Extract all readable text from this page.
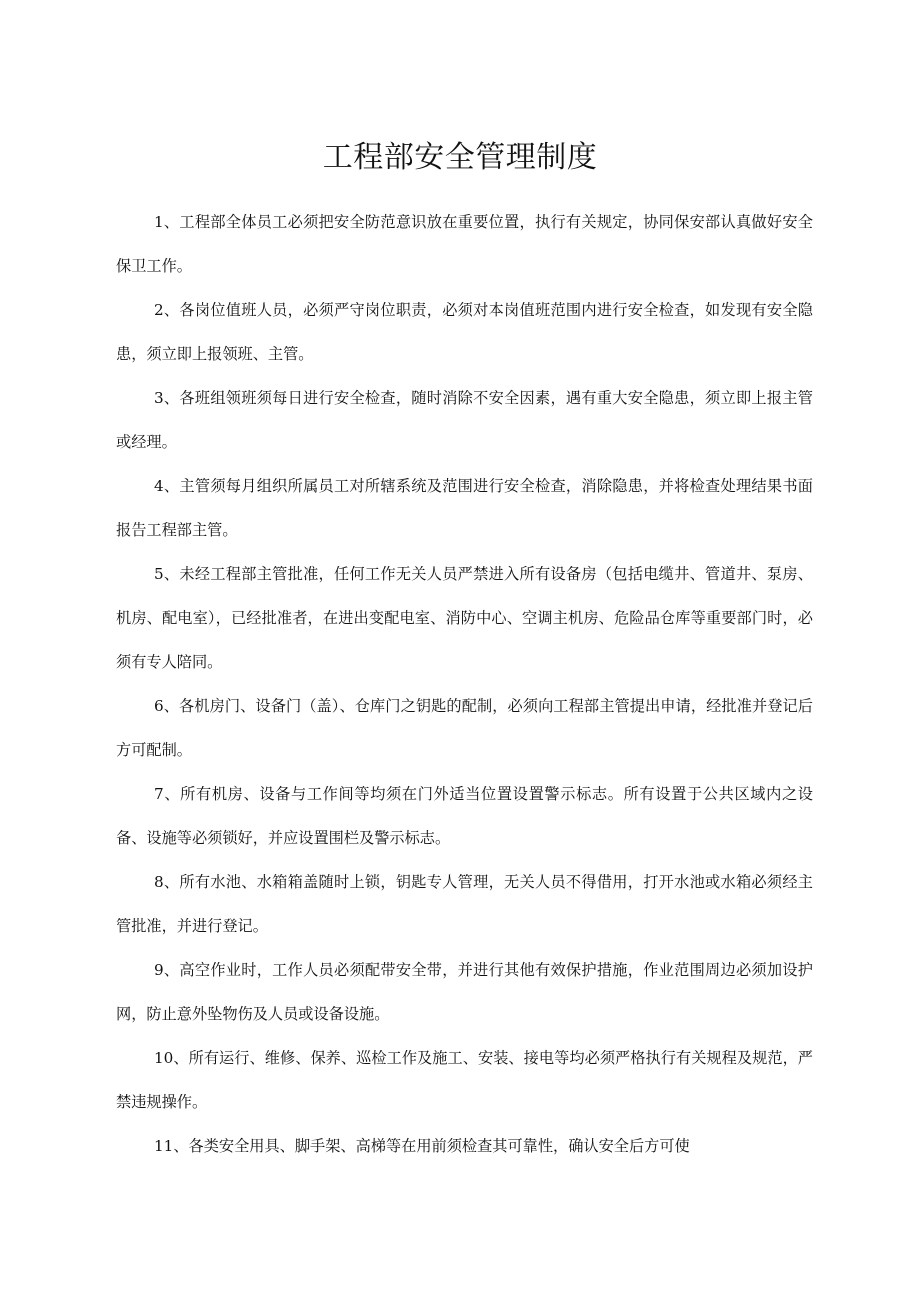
工程部安全管理制度

1、工程部全体员工必须把安全防范意识放在重要位置，执行有关规定，协同保安部认真做好安全保卫工作。

2、各岗位值班人员，必须严守岗位职责，必须对本岗值班范围内进行安全检查，如发现有安全隐患，须立即上报领班、主管。

3、各班组领班须每日进行安全检查，随时消除不安全因素，遇有重大安全隐患，须立即上报主管或经理。

4、主管须每月组织所属员工对所辖系统及范围进行安全检查，消除隐患，并将检查处理结果书面报告工程部主管。

5、未经工程部主管批准，任何工作无关人员严禁进入所有设备房（包括电缆井、管道井、泵房、机房、配电室），已经批准者，在进出变配电室、消防中心、空调主机房、危险品仓库等重要部门时，必须有专人陪同。

6、各机房门、设备门（盖）、仓库门之钥匙的配制，必须向工程部主管提出申请，经批准并登记后方可配制。

7、所有机房、设备与工作间等均须在门外适当位置设置警示标志。所有设置于公共区域内之设备、设施等必须锁好，并应设置围栏及警示标志。

8、所有水池、水箱箱盖随时上锁，钥匙专人管理，无关人员不得借用，打开水池或水箱必须经主管批准，并进行登记。

9、高空作业时，工作人员必须配带安全带，并进行其他有效保护措施，作业范围周边必须加设护网，防止意外坠物伤及人员或设备设施。

10、所有运行、维修、保养、巡检工作及施工、安装、接电等均必须严格执行有关规程及规范，严禁违规操作。

11、各类安全用具、脚手架、高梯等在用前须检查其可靠性，确认安全后方可使
